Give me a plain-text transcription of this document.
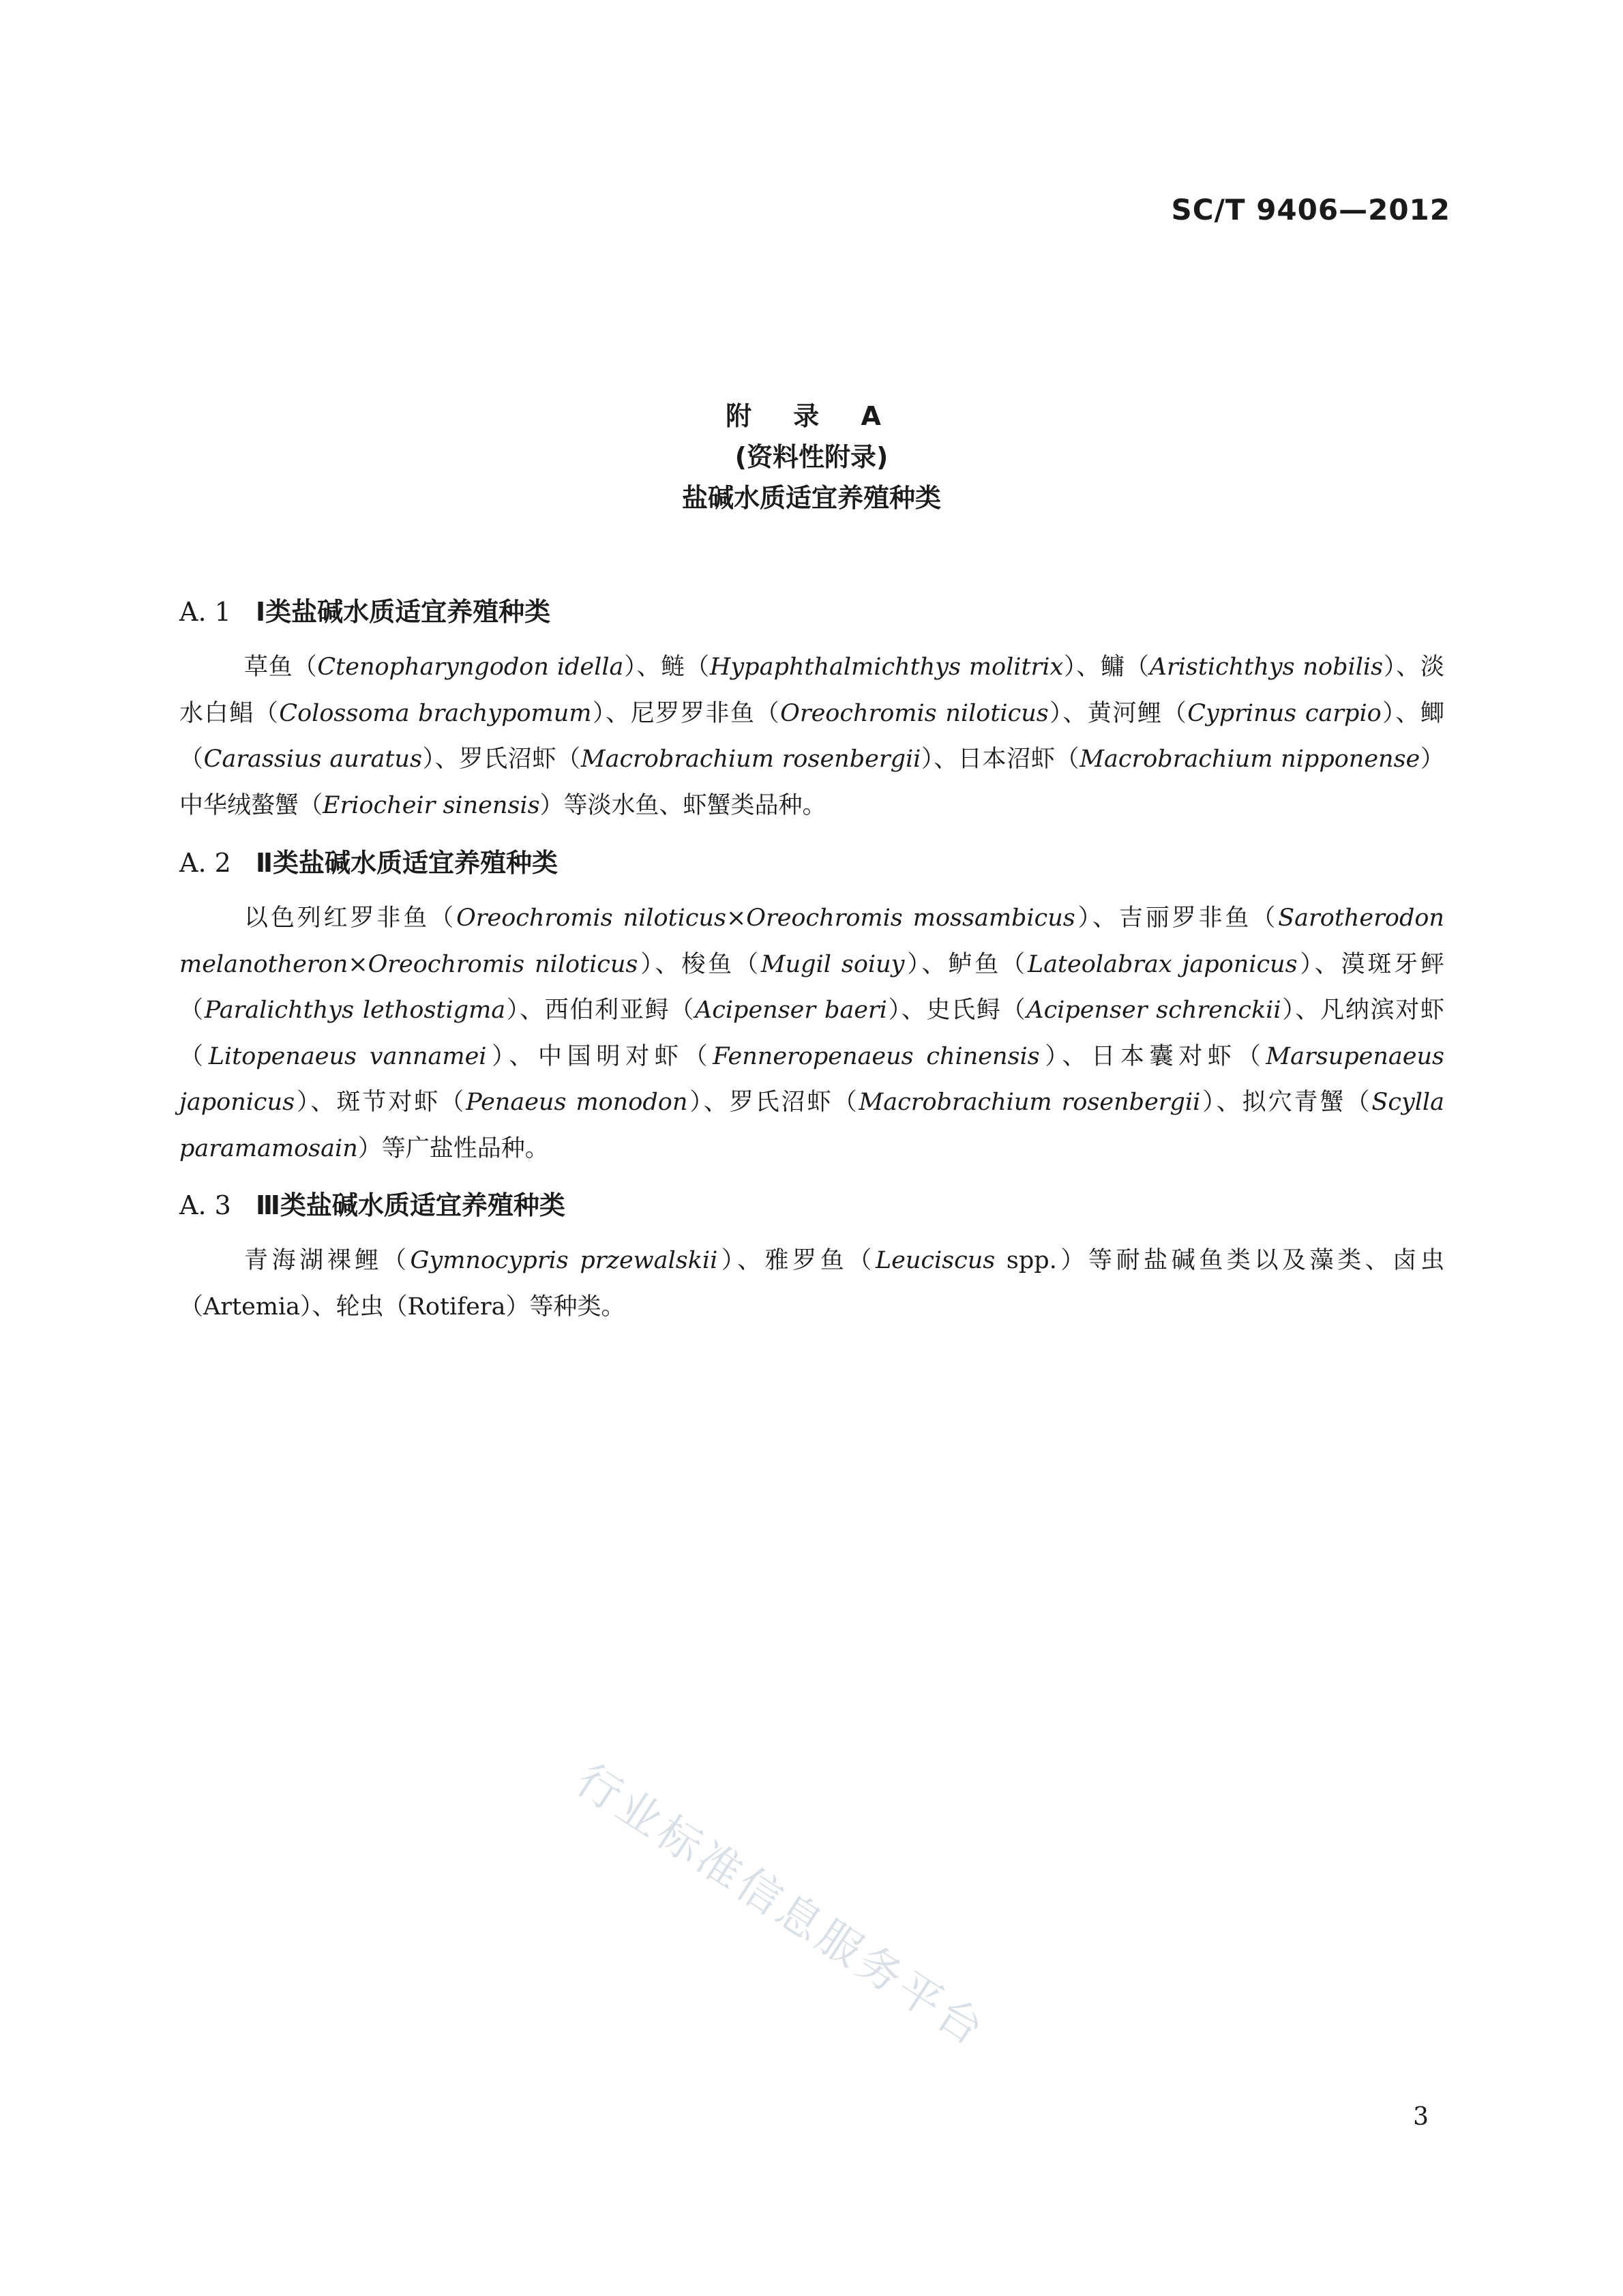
SC/T 9406—2012
附 录 A
(资料性附录)
盐碱水质适宜养殖种类
A. 1 Ⅰ类盐碱水质适宜养殖种类
草鱼（Ctenopharyngodon idella）、鲢（Hypaphthalmichthys molitrix）、鳙（Aristichthys nobilis）、淡水白鲳（Colossoma brachypomum）、尼罗罗非鱼（Oreochromis niloticus）、黄河鲤（Cyprinus carpio）、鲫（Carassius auratus）、罗氏沼虾（Macrobrachium rosenbergii）、日本沼虾（Macrobrachium nipponense）中华绒螯蟹（Eriocheir sinensis）等淡水鱼、虾蟹类品种。
A. 2 Ⅱ类盐碱水质适宜养殖种类
以色列红罗非鱼（Oreochromis niloticus×Oreochromis mossambicus）、吉丽罗非鱼（Sarotherodon melanotheron×Oreochromis niloticus）、梭鱼（Mugil soiuy）、鲈鱼（Lateolabrax japonicus）、漠斑牙鲆（Paralichthys lethostigma）、西伯利亚鲟（Acipenser baeri）、史氏鲟（Acipenser schrenckii）、凡纳滨对虾（Litopenaeus vannamei）、中国明对虾（Fenneropenaeus chinensis）、日本囊对虾（Marsupenaeus japonicus）、斑节对虾（Penaeus monodon）、罗氏沼虾（Macrobrachium rosenbergii）、拟穴青蟹（Scylla paramamosain）等广盐性品种。
A. 3 Ⅲ类盐碱水质适宜养殖种类
青海湖裸鲤（Gymnocypris przewalskii）、雅罗鱼（Leuciscus spp.）等耐盐碱鱼类以及藻类、卤虫（Artemia）、轮虫（Rotifera）等种类。
行业标准信息服务平台
3
